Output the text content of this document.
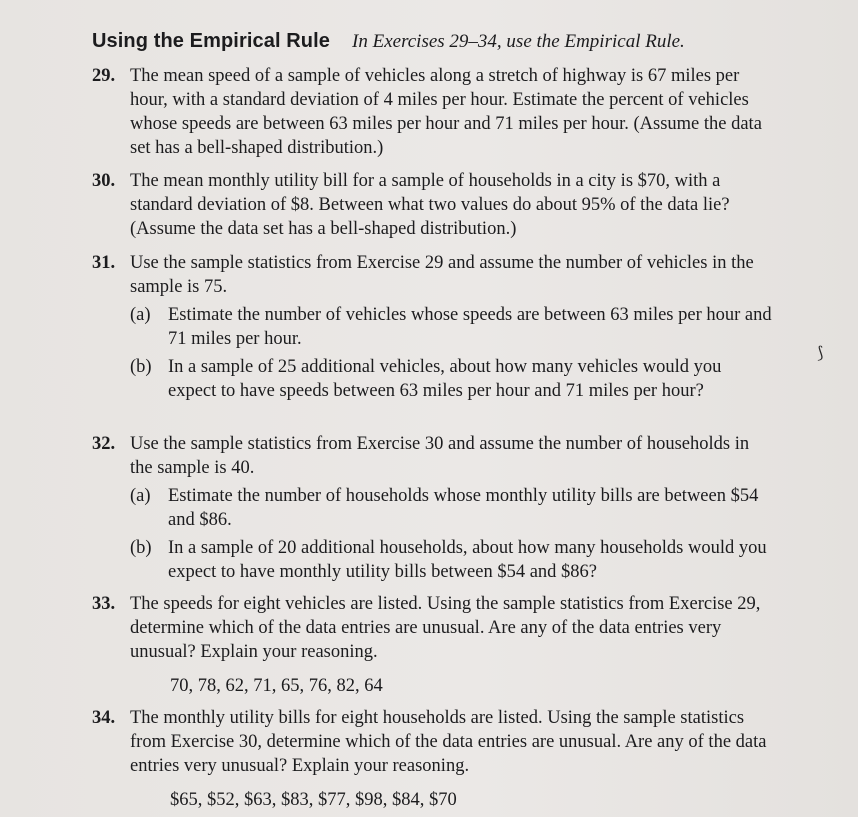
Using the Empirical Rule In Exercises 29–34, use the Empirical Rule.
29. The mean speed of a sample of vehicles along a stretch of highway is 67 miles per hour, with a standard deviation of 4 miles per hour. Estimate the percent of vehicles whose speeds are between 63 miles per hour and 71 miles per hour. (Assume the data set has a bell-shaped distribution.)
30. The mean monthly utility bill for a sample of households in a city is $70, with a standard deviation of $8. Between what two values do about 95% of the data lie? (Assume the data set has a bell-shaped distribution.)
31. Use the sample statistics from Exercise 29 and assume the number of vehicles in the sample is 75.
(a) Estimate the number of vehicles whose speeds are between 63 miles per hour and 71 miles per hour.
(b) In a sample of 25 additional vehicles, about how many vehicles would you expect to have speeds between 63 miles per hour and 71 miles per hour?
32. Use the sample statistics from Exercise 30 and assume the number of households in the sample is 40.
(a) Estimate the number of households whose monthly utility bills are between $54 and $86.
(b) In a sample of 20 additional households, about how many households would you expect to have monthly utility bills between $54 and $86?
33. The speeds for eight vehicles are listed. Using the sample statistics from Exercise 29, determine which of the data entries are unusual. Are any of the data entries very unusual? Explain your reasoning.
70, 78, 62, 71, 65, 76, 82, 64
34. The monthly utility bills for eight households are listed. Using the sample statistics from Exercise 30, determine which of the data entries are unusual. Are any of the data entries very unusual? Explain your reasoning.
$65, $52, $63, $83, $77, $98, $84, $70
⟆
